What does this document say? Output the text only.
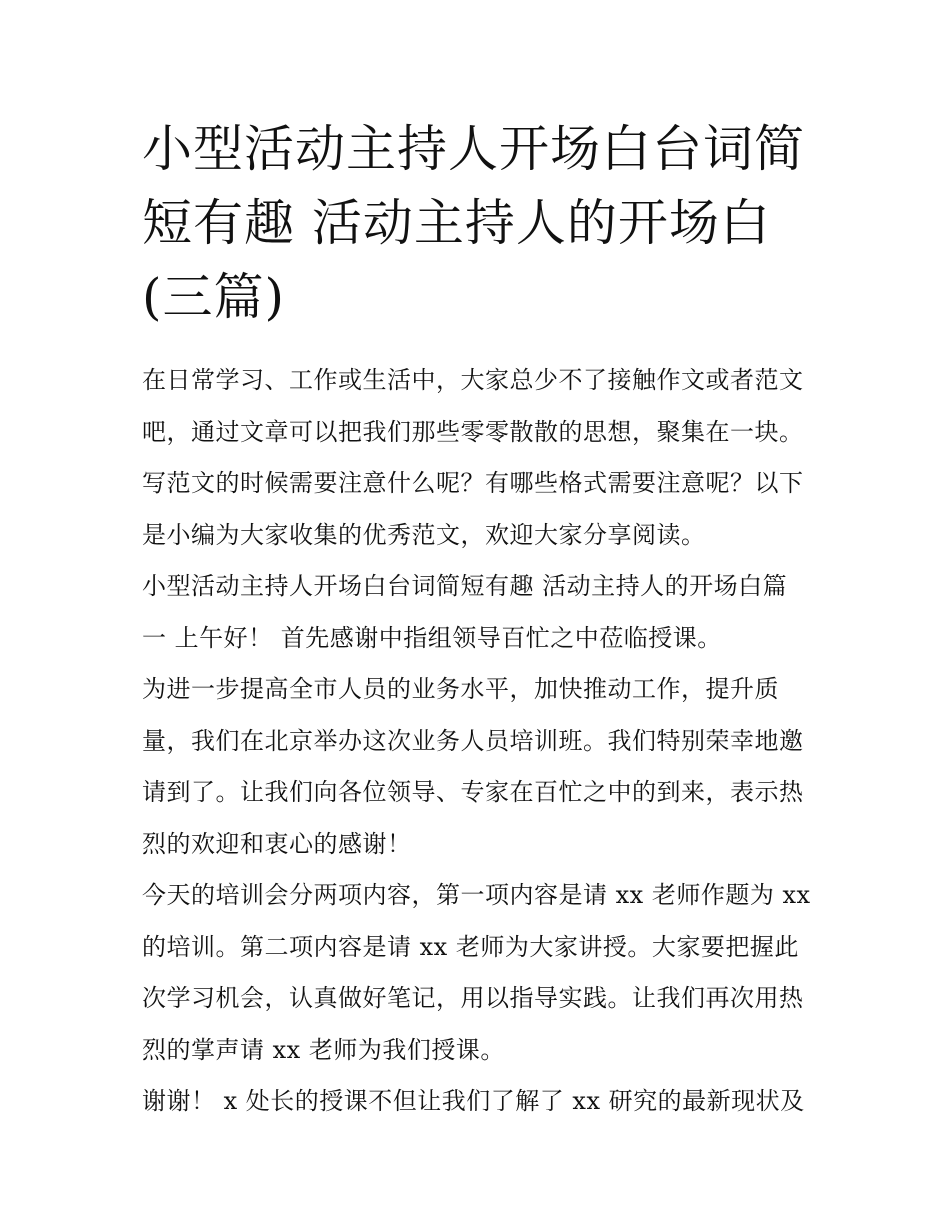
小型活动主持人开场白台词简
短有趣 活动主持人的开场白
(三篇)
在日常学习、工作或生活中，大家总少不了接触作文或者范文
吧，通过文章可以把我们那些零零散散的思想，聚集在一块。
写范文的时候需要注意什么呢？有哪些格式需要注意呢？以下
是小编为大家收集的优秀范文，欢迎大家分享阅读。
小型活动主持人开场白台词简短有趣 活动主持人的开场白篇
一 上午好！ 首先感谢中指组领导百忙之中莅临授课。
为进一步提高全市人员的业务水平，加快推动工作，提升质
量，我们在北京举办这次业务人员培训班。我们特别荣幸地邀
请到了。让我们向各位领导、专家在百忙之中的到来，表示热
烈的欢迎和衷心的感谢！
今天的培训会分两项内容，第一项内容是请 xx 老师作题为 xx
的培训。第二项内容是请 xx 老师为大家讲授。大家要把握此
次学习机会，认真做好笔记，用以指导实践。让我们再次用热
烈的掌声请 xx 老师为我们授课。
谢谢！ x 处长的授课不但让我们了解了 xx 研究的最新现状及
